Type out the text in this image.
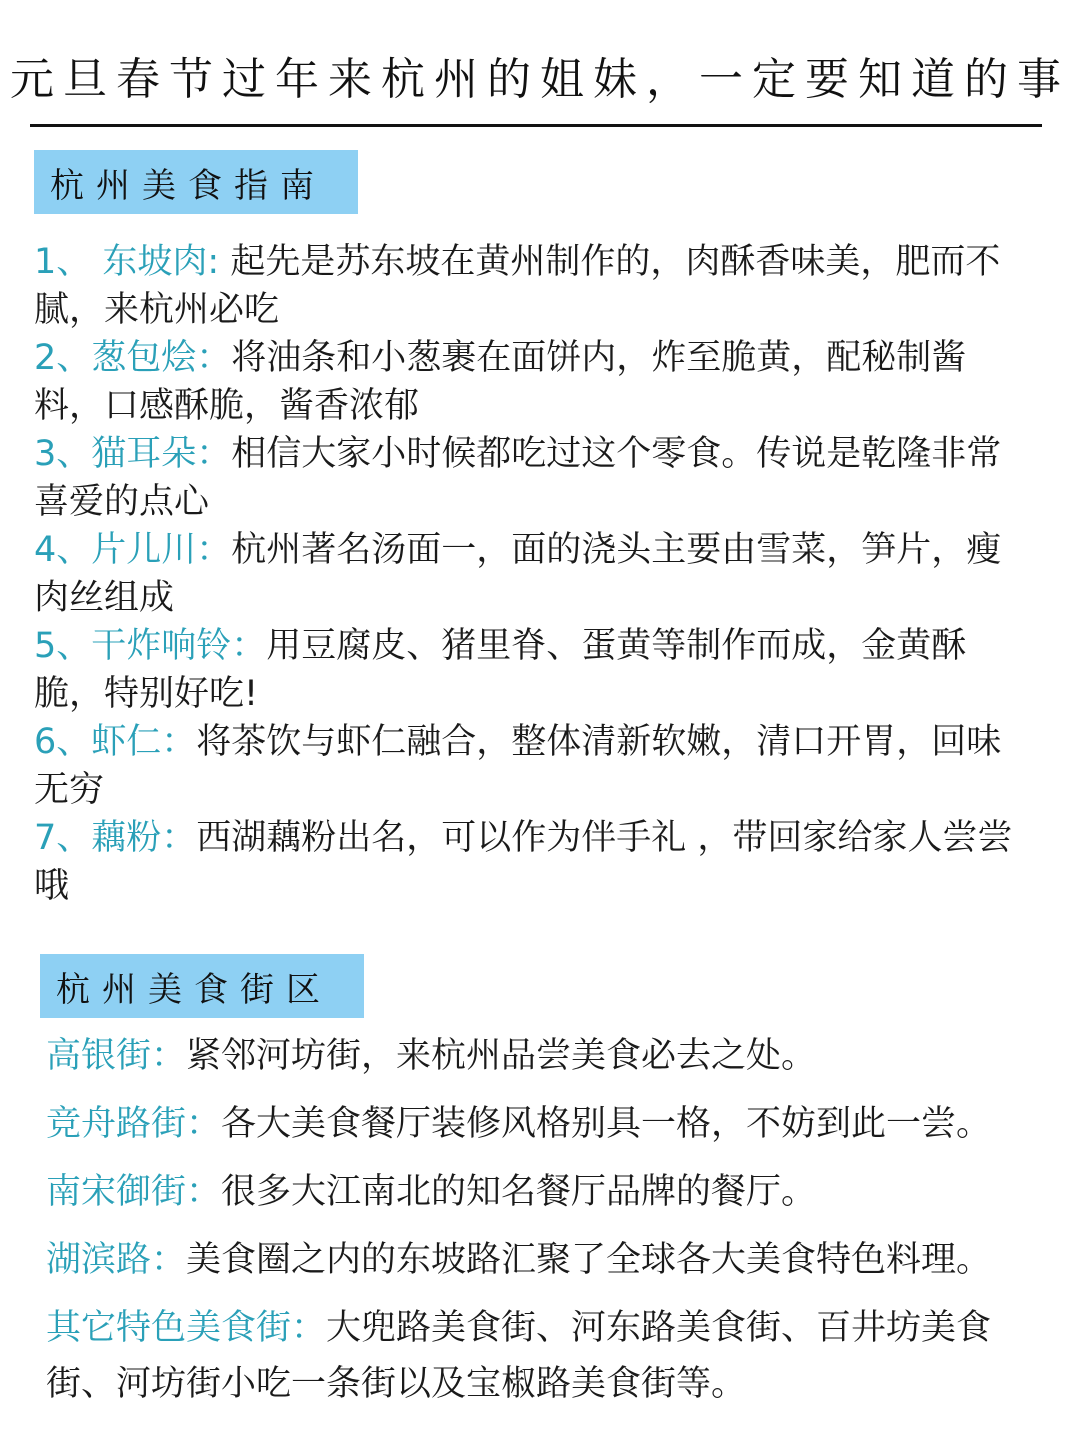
元旦春节过年来杭州的姐妹，一定要知道的事
杭州美食指南

1、 东坡肉: 起先是苏东坡在黄州制作的，肉酥香味美，肥而不腻，来杭州必吃

2、葱包烩：将油条和小葱裹在面饼内，炸至脆黄，配秘制酱料，口感酥脆，酱香浓郁

3、猫耳朵：相信大家小时候都吃过这个零食。传说是乾隆非常喜爱的点心

4、片儿川：杭州著名汤面一，面的浇头主要由雪菜，笋片，瘦肉丝组成

5、干炸响铃：用豆腐皮、猪里脊、蛋黄等制作而成，金黄酥脆，特别好吃!

6、虾仁：将茶饮与虾仁融合，整体清新软嫩，清口开胃，回味无穷

7、藕粉：西湖藕粉出名，可以作为伴手礼 ，带回家给家人尝尝哦

杭州美食街区

高银街：紧邻河坊街，来杭州品尝美食必去之处。

竞舟路街：各大美食餐厅装修风格别具一格，不妨到此一尝。

南宋御街：很多大江南北的知名餐厅品牌的餐厅。

湖滨路：美食圈之内的东坡路汇聚了全球各大美食特色料理。

其它特色美食街：大兜路美食街、河东路美食街、百井坊美食街、河坊街小吃一条街以及宝椒路美食街等。
